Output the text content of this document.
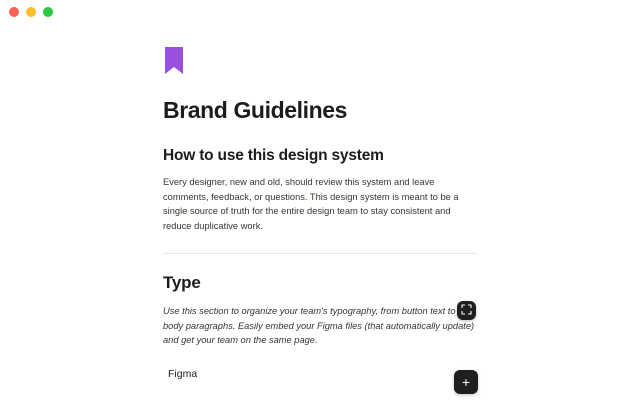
Brand Guidelines
How to use this design system

Every designer, new and old, should review this system and leave comments, feedback, or questions. This design system is meant to be a single source of truth for the entire design team to stay consistent and reduce duplicative work.

Type

Use this section to organize your team's typography, from button text to body paragraphs. Easily embed your Figma files (that automatically update) and get your team on the same page.

Figma
+
